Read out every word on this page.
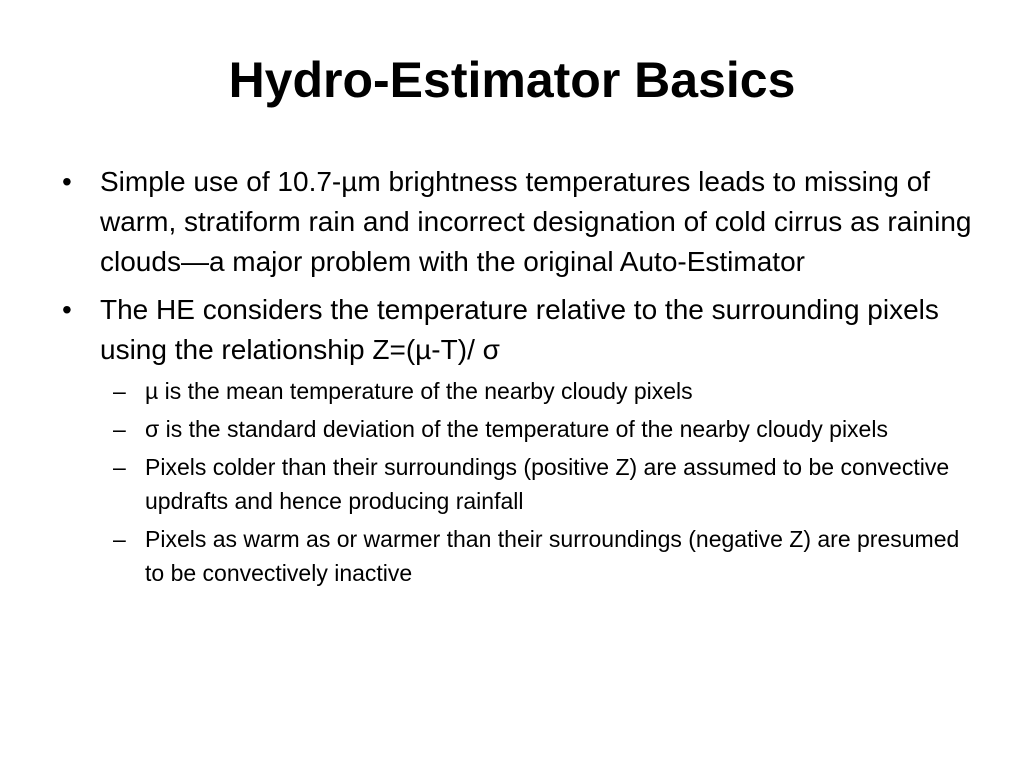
Hydro-Estimator Basics
• Simple use of 10.7-µm brightness temperatures leads to missing of warm, stratiform rain and incorrect designation of cold cirrus as raining clouds—a major problem with the original Auto-Estimator
• The HE considers the temperature relative to the surrounding pixels using the relationship Z=(µ-T)/ σ
– µ is the mean temperature of the nearby cloudy pixels
– σ is the standard deviation of the temperature of the nearby cloudy pixels
– Pixels colder than their surroundings (positive Z) are assumed to be convective updrafts and hence producing rainfall
– Pixels as warm as or warmer than their surroundings (negative Z) are presumed to be convectively inactive
